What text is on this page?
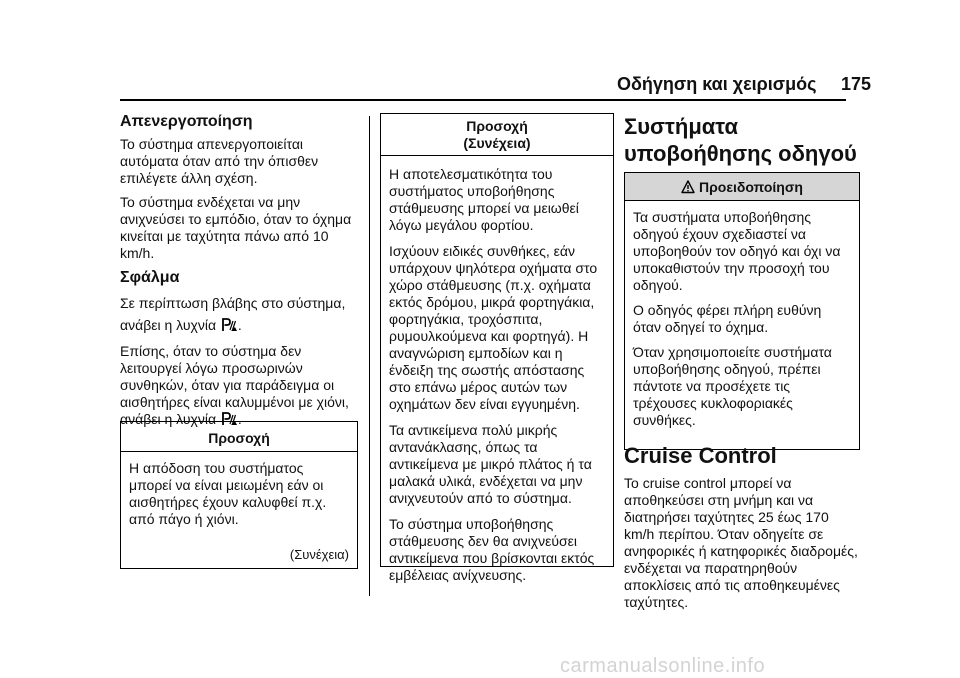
Οδήγηση και χειρισμός 175
Απενεργοποίηση

Το σύστημα απενεργοποιείται αυτόματα όταν από την όπισθεν επιλέγετε άλλη σχέση.

Το σύστημα ενδέχεται να μην ανιχνεύσει το εμπόδιο, όταν το όχημα κινείται με ταχύτητα πάνω από 10 km/h.

Σφάλμα

Σε περίπτωση βλάβης στο σύστημα, ανάβει η λυχνία .

Επίσης, όταν το σύστημα δεν λειτουργεί λόγω προσωρινών συνθηκών, όταν για παράδειγμα οι αισθητήρες είναι καλυμμένοι με χιόνι, ανάβει η λυχνία .

Προσοχή
Η απόδοση του συστήματος μπορεί να είναι μειωμένη εάν οι αισθητήρες έχουν καλυφθεί π.χ. από πάγο ή χιόνι.
(Συνέχεια)
Προσοχή
(Συνέχεια)

Η αποτελεσματικότητα του συστήματος υποβοήθησης στάθμευσης μπορεί να μειωθεί λόγω μεγάλου φορτίου.

Ισχύουν ειδικές συνθήκες, εάν υπάρχουν ψηλότερα οχήματα στο χώρο στάθμευσης (π.χ. οχήματα εκτός δρόμου, μικρά φορτηγάκια, φορτηγάκια, τροχόσπιτα, ρυμουλκούμενα και φορτηγά). Η αναγνώριση εμποδίων και η ένδειξη της σωστής απόστασης στο επάνω μέρος αυτών των οχημάτων δεν είναι εγγυημένη.

Τα αντικείμενα πολύ μικρής αντανάκλασης, όπως τα αντικείμενα με μικρό πλάτος ή τα μαλακά υλικά, ενδέχεται να μην ανιχνευτούν από το σύστημα.

Το σύστημα υποβοήθησης στάθμευσης δεν θα ανιχνεύσει αντικείμενα που βρίσκονται εκτός εμβέλειας ανίχνευσης.

Συστήματα
υποβοήθησης οδηγού
Προειδοποίηση

Τα συστήματα υποβοήθησης οδηγού έχουν σχεδιαστεί να υποβοηθούν τον οδηγό και όχι να υποκαθιστούν την προσοχή του οδηγού.

Ο οδηγός φέρει πλήρη ευθύνη όταν οδηγεί το όχημα.

Όταν χρησιμοποιείτε συστήματα υποβοήθησης οδηγού, πρέπει πάντοτε να προσέχετε τις τρέχουσες κυκλοφοριακές συνθήκες.

Cruise Control
Το cruise control μπορεί να αποθηκεύσει στη μνήμη και να διατηρήσει ταχύτητες 25 έως 170 km/h περίπου. Όταν οδηγείτε σε ανηφορικές ή κατηφορικές διαδρομές, ενδέχεται να παρατηρηθούν αποκλίσεις από τις αποθηκευμένες ταχύτητες.
carmanualsonline.info
